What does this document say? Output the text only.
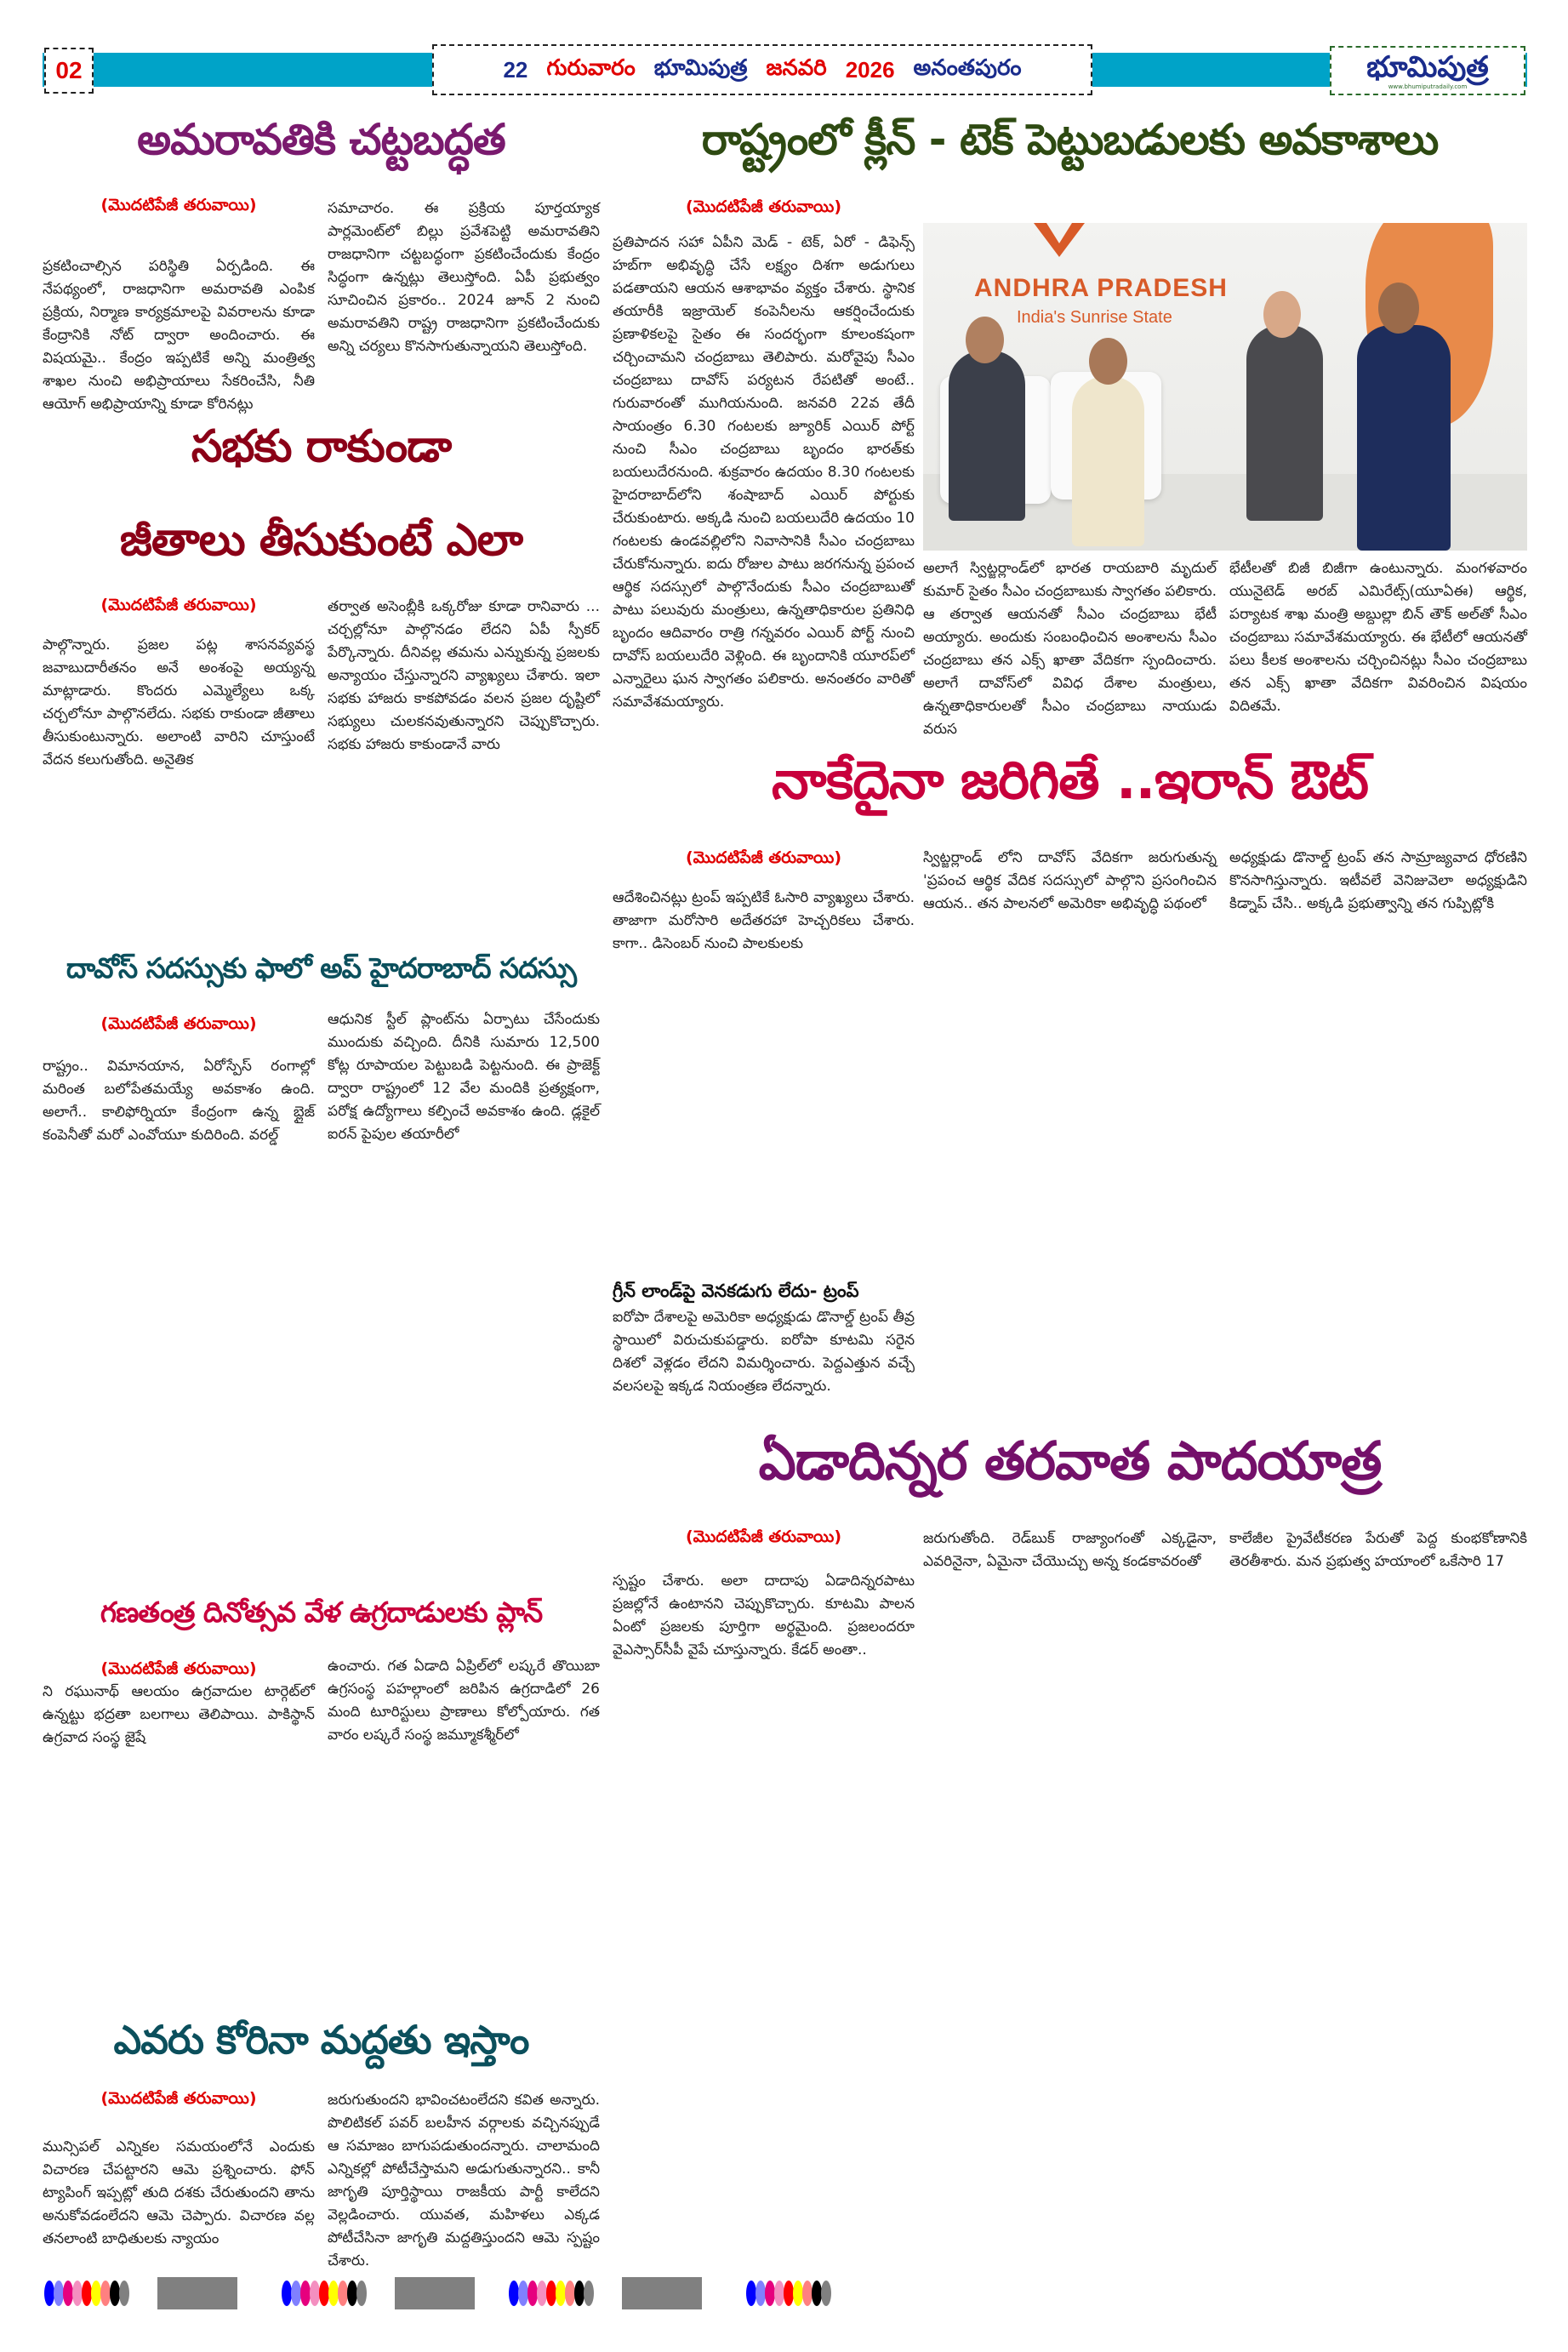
02	22 గురువారం భూమిపుత్ర జనవరి 2026 అనంతపురం	భూమిపుత్ర
www.bhumiputradaily.com
అమరావతికి చట్టబద్ధత
(మొదటిపేజీ తరువాయి)
ప్రకటించాల్సిన పరిస్థితి ఏర్పడింది. ఈ నేపథ్యంలో, రాజధానిగా అమరావతి ఎంపిక ప్రక్రియ, నిర్మాణ కార్యక్రమాలపై వివరాలను కూడా కేంద్రానికి నోట్ ద్వారా అందించారు. ఈ విషయమై.. కేంద్రం ఇప్పటికే అన్ని మంత్రిత్వ శాఖల నుంచి అభిప్రాయాలు సేకరించేసి, నీతి ఆయోగ్ అభిప్రాయాన్ని కూడా కోరినట్లు
సమాచారం. ఈ ప్రక్రియ పూర్తయ్యాక పార్లమెంట్‌లో బిల్లు ప్రవేశపెట్టి అమరావతిని రాజధానిగా చట్టబద్ధంగా ప్రకటించేందుకు కేంద్రం సిద్ధంగా ఉన్నట్లు తెలుస్తోంది. ఏపీ ప్రభుత్వం సూచించిన ప్రకారం.. 2024 జూన్ 2 నుంచి అమరావతిని రాష్ట్ర రాజధానిగా ప్రకటించేందుకు అన్ని చర్యలు కొనసాగుతున్నాయని తెలుస్తోంది.
సభకు రాకుండా
జీతాలు తీసుకుంటే ఎలా
(మొదటిపేజీ తరువాయి)
పాల్గొన్నారు. ప్రజల పట్ల శాసనవ్యవస్థ జవాబుదారీతనం అనే అంశంపై అయ్యన్న మాట్లాడారు. కొందరు ఎమ్మెల్యేలు ఒక్క చర్చలోనూ పాల్గొనలేదు. సభకు రాకుండా జీతాలు తీసుకుంటున్నారు. అలాంటి వారిని చూస్తుంటే వేదన కలుగుతోంది. అనైతిక
తర్వాత అసెంబ్లీకి ఒక్కరోజు కూడా రానివారు ... చర్చల్లోనూ పాల్గొనడం లేదని ఏపీ స్పీకర్ పేర్కొన్నారు. దీనివల్ల తమను ఎన్నుకున్న ప్రజలకు అన్యాయం చేస్తున్నారని వ్యాఖ్యలు చేశారు. ఇలా సభకు హాజరు కాకపోవడం వలన ప్రజల దృష్టిలో సభ్యులు చులకనవుతున్నారని చెప్పుకొచ్చారు. సభకు హాజరు కాకుండానే వారు
దావోస్ సదస్సుకు ఫాలో అప్ హైదరాబాద్ సదస్సు
(మొదటిపేజీ తరువాయి)
రాష్ట్రం.. విమానయాన, ఏరోస్పేస్ రంగాల్లో మరింత బలోపేతమయ్యే అవకాశం ఉంది. అలాగే.. కాలిఫోర్నియా కేంద్రంగా ఉన్న బ్లైజ్ కంపెనీతో మరో ఎంవోయూ కుదిరింది. వరల్డ్
ఆధునిక స్టీల్ ప్లాంట్‌ను ఏర్పాటు చేసేందుకు ముందుకు వచ్చింది. దీనికి సుమారు 12,500 కోట్ల రూపాయల పెట్టుబడి పెట్టనుంది. ఈ ప్రాజెక్ట్ ద్వారా రాష్ట్రంలో 12 వేల మందికి ప్రత్యక్షంగా, పరోక్ష ఉద్యోగాలు కల్పించే అవకాశం ఉంది. డ్లకైల్ ఐరన్ పైపుల తయారీలో
గణతంత్ర దినోత్సవ వేళ ఉగ్రదాడులకు ప్లాన్
(మొదటిపేజీ తరువాయి)
ని రఘునాథ్ ఆలయం ఉగ్రవాదుల టార్గెట్‌లో ఉన్నట్టు భద్రతా బలగాలు తెలిపాయి. పాకిస్థాన్ ఉగ్రవాద సంస్థ జైషే
ఉంచారు. గత ఏడాది ఏప్రిల్‌లో లష్కరే తొయిబా ఉగ్రసంస్థ పహల్గాంలో జరిపిన ఉగ్రదాడిలో 26 మంది టూరిస్టులు ప్రాణాలు కోల్పోయారు. గత వారం లష్కరే సంస్థ జమ్మూకశ్మీర్‌లో
ఎవరు కోరినా మద్దతు ఇస్తాం
(మొదటిపేజీ తరువాయి)
మున్సిపల్ ఎన్నికల సమయంలోనే ఎందుకు విచారణ చేపట్టారని ఆమె ప్రశ్నించారు. ఫోన్ ట్యాపింగ్ ఇప్పట్లో తుది దశకు చేరుతుందని తాను అనుకోవడంలేదని ఆమె చెప్పారు. విచారణ వల్ల తనలాంటి బాధితులకు న్యాయం
జరుగుతుందని భావించటంలేదని కవిత అన్నారు. పొలిటికల్ పవర్ బలహీన వర్గాలకు వచ్చినప్పుడే ఆ సమాజం బాగుపడుతుందన్నారు. చాలామంది ఎన్నికల్లో పోటీచేస్తామని అడుగుతున్నారని.. కానీ జాగృతి పూర్తిస్థాయి రాజకీయ పార్టీ కాలేదని వెల్లడించారు. యువత, మహిళలు ఎక్కడ పోటీచేసినా జాగృతి మద్దతిస్తుందని ఆమె స్పష్టం చేశారు.
రాష్ట్రంలో క్లీన్ - టెక్ పెట్టుబడులకు అవకాశాలు
(మొదటిపేజీ తరువాయి)
ప్రతిపాదన సహా ఏపీని మెడ్ - టెక్, ఏరో - డిఫెన్స్ హబ్‌గా అభివృద్ధి చేసే లక్ష్యం దిశగా అడుగులు పడతాయని ఆయన ఆశాభావం వ్యక్తం చేశారు. స్థానిక తయారీకి ఇజ్రాయెల్ కంపెనీలను ఆకర్షించేందుకు ప్రణాళికలపై సైతం ఈ సందర్భంగా కూలంకషంగా చర్చించామని చంద్రబాబు తెలిపారు. మరోవైపు సీఎం చంద్రబాబు దావోస్ పర్యటన రేపటితో అంటే.. గురువారంతో ముగియనుంది. జనవరి 22వ తేదీ సాయంత్రం 6.30 గంటలకు జ్యూరిక్ ఎయిర్ పోర్ట్ నుంచి సీఎం చంద్రబాబు బృందం భారత్‌కు బయలుదేరనుంది. శుక్రవారం ఉదయం 8.30 గంటలకు హైదరాబాద్‌లోని శంషాబాద్ ఎయిర్ పోర్టుకు చేరుకుంటారు. అక్కడి నుంచి బయలుదేరి ఉదయం 10 గంటలకు ఉండవల్లిలోని నివాసానికి సీఎం చంద్రబాబు చేరుకోనున్నారు. ఐదు రోజుల పాటు జరగనున్న ప్రపంచ ఆర్థిక సదస్సులో పాల్గొనేందుకు సీఎం చంద్రబాబుతో పాటు పలువురు మంత్రులు, ఉన్నతాధికారుల ప్రతినిధి బృందం ఆదివారం రాత్రి గన్నవరం ఎయిర్ పోర్ట్ నుంచి దావోస్ బయలుదేరి వెళ్లింది. ఈ బృందానికి యూరప్‌లో ఎన్నారైలు ఘన స్వాగతం పలికారు. అనంతరం వారితో సమావేశమయ్యారు.
ANDHRA PRADESH
India's Sunrise State
అలాగే స్విట్జర్లాండ్‌లో భారత రాయబారి మృదుల్ కుమార్ సైతం సీఎం చంద్రబాబుకు స్వాగతం పలికారు. ఆ తర్వాత ఆయనతో సీఎం చంద్రబాబు భేటీ అయ్యారు. అందుకు సంబంధించిన అంశాలను సీఎం చంద్రబాబు తన ఎక్స్ ఖాతా వేదికగా స్పందించారు. అలాగే దావోస్‌లో వివిధ దేశాల మంత్రులు, ఉన్నతాధికారులతో సీఎం చంద్రబాబు నాయుడు వరుస
భేటీలతో బిజీ బిజీగా ఉంటున్నారు. మంగళవారం యునైటెడ్ అరబ్ ఎమిరేట్స్(యూఏఈ) ఆర్థిక, పర్యాటక శాఖ మంత్రి అబ్దుల్లా బిన్ తౌక్ అల్‌తో సీఎం చంద్రబాబు సమావేశమయ్యారు. ఈ భేటీలో ఆయనతో పలు కీలక అంశాలను చర్చించినట్లు సీఎం చంద్రబాబు తన ఎక్స్ ఖాతా వేదికగా వివరించిన విషయం విదితమే.
నాకేదైనా జరిగితే ..ఇరాన్ ఔట్
(మొదటిపేజీ తరువాయి)
ఆదేశించినట్లు ట్రంప్ ఇప్పటికే ఓసారి వ్యాఖ్యలు చేశారు. తాజాగా మరోసారి అదేతరహా హెచ్చరికలు చేశారు. కాగా.. డిసెంబర్ నుంచి పాలకులకు
గ్రీన్ లాండ్‌పై వెనకడుగు లేదు- ట్రంప్
ఐరోపా దేశాలపై అమెరికా అధ్యక్షుడు డొనాల్డ్ ట్రంప్ తీవ్ర స్థాయిలో విరుచుకుపడ్డారు. ఐరోపా కూటమి సరైన దిశలో వెళ్లడం లేదని విమర్శించారు. పెద్దఎత్తున వచ్చే వలసలపై ఇక్కడ నియంత్రణ లేదన్నారు.
స్విట్జర్లాండ్ లోని దావోస్ వేదికగా జరుగుతున్న 'ప్రపంచ ఆర్థిక వేదిక సదస్సులో పాల్గొని ప్రసంగించిన ఆయన.. తన పాలనలో అమెరికా అభివృద్ధి పథంలో
అధ్యక్షుడు డొనాల్డ్ ట్రంప్ తన సామ్రాజ్యవాద ధోరణిని కొనసాగిస్తున్నారు. ఇటీవలే వెనిజువెలా అధ్యక్షుడిని కిడ్నాప్ చేసి.. అక్కడి ప్రభుత్వాన్ని తన గుప్పిట్లోకి
ఏడాదిన్నర తరవాత పాదయాత్ర
(మొదటిపేజీ తరువాయి)
స్పష్టం చేశారు. అలా దాదాపు ఏడాదిన్నరపాటు ప్రజల్లోనే ఉంటానని చెప్పుకొచ్చారు. కూటమి పాలన ఏంటో ప్రజలకు పూర్తిగా అర్థమైంది. ప్రజలందరూ వైఎస్సార్‌సీపీ వైపే చూస్తున్నారు. కేడర్ అంతా..
జరుగుతోంది. రెడ్‌బుక్ రాజ్యాంగంతో ఎక్కడైనా, ఎవరినైనా, ఏమైనా చేయొచ్చు అన్న కండకావరంతో
కాలేజీల ప్రైవేటీకరణ పేరుతో పెద్ద కుంభకోణానికి తెరతీశారు. మన ప్రభుత్వ హయాంలో ఒకేసారి 17
